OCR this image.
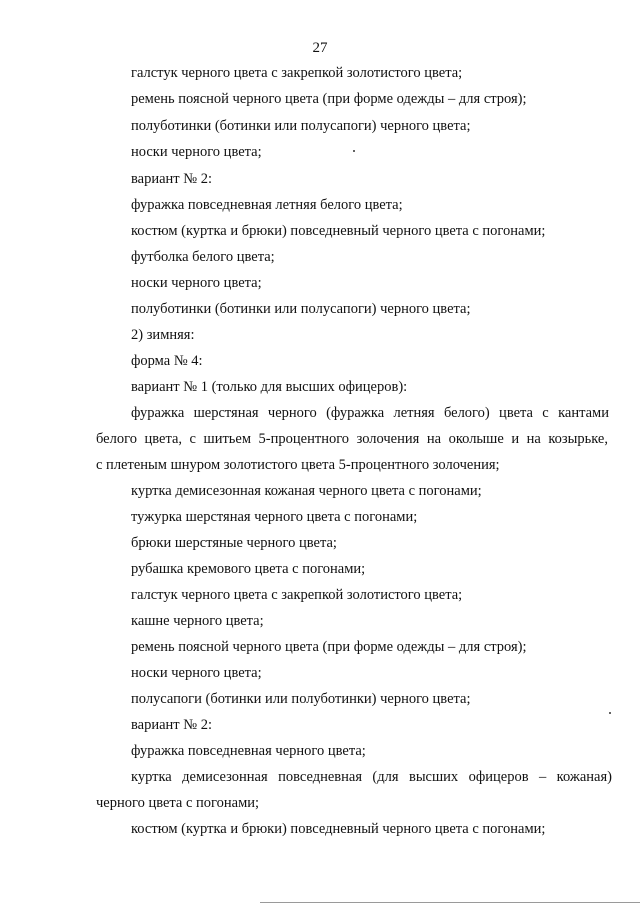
27
галстук черного цвета с закрепкой золотистого цвета;
ремень поясной черного цвета (при форме одежды – для строя);
полуботинки (ботинки или полусапоги) черного цвета;
носки черного цвета;
вариант № 2:
фуражка повседневная летняя белого цвета;
костюм (куртка и брюки) повседневный черного цвета с погонами;
футболка белого цвета;
носки черного цвета;
полуботинки (ботинки или полусапоги) черного цвета;
2) зимняя:
форма № 4:
вариант № 1 (только для высших офицеров):
фуражка шерстяная черного (фуражка летняя белого) цвета с кантами
белого цвета, с шитьем 5-процентного золочения на околыше и на козырьке,
с плетеным шнуром золотистого цвета 5-процентного золочения;
куртка демисезонная кожаная черного цвета с погонами;
тужурка шерстяная черного цвета с погонами;
брюки шерстяные черного цвета;
рубашка кремового цвета с погонами;
галстук черного цвета с закрепкой золотистого цвета;
кашне черного цвета;
ремень поясной черного цвета (при форме одежды – для строя);
носки черного цвета;
полусапоги (ботинки или полуботинки) черного цвета;
вариант № 2:
фуражка повседневная черного цвета;
куртка демисезонная повседневная (для высших офицеров – кожаная)
черного цвета с погонами;
костюм (куртка и брюки) повседневный черного цвета с погонами;
